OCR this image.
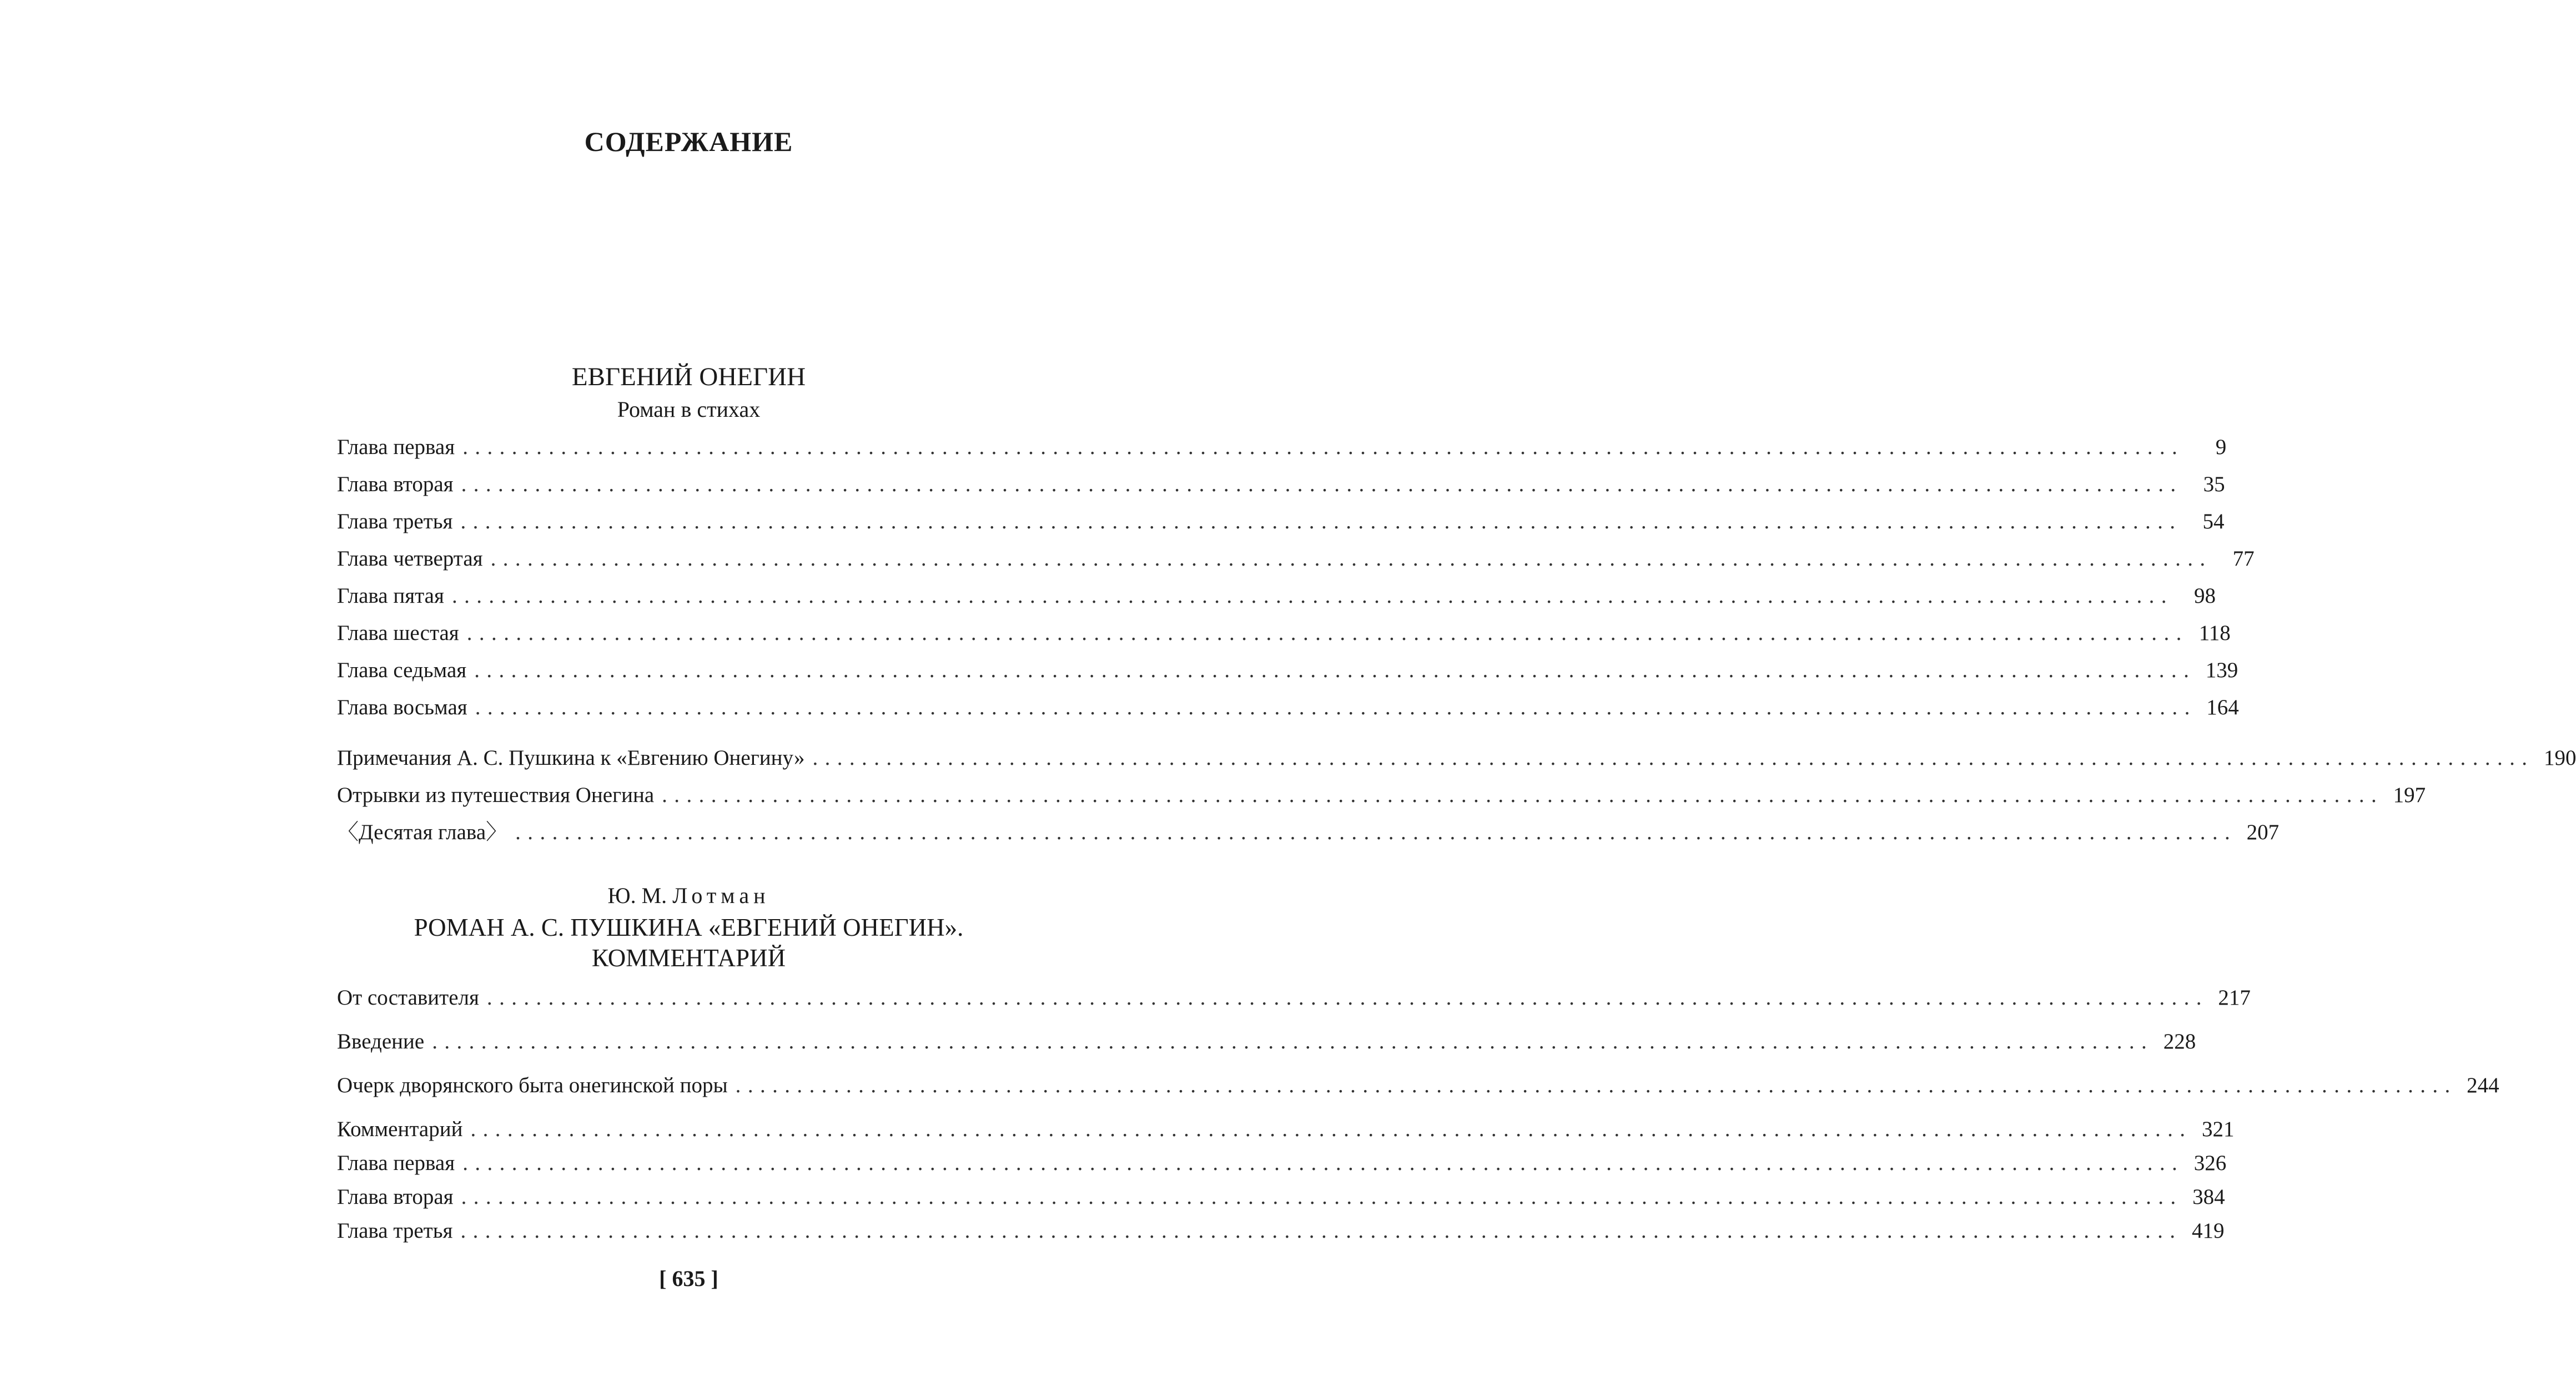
СОДЕРЖАНИЕ
ЕВГЕНИЙ ОНЕГИН
Роман в стихах
Глава первая ............................................................................................................................................	9
Глава вторая ............................................................................................................................................ 35
Глава третья ............................................................................................................................................ 54
Глава четвертая ............................................................................................................................................ 77
Глава пятая ............................................................................................................................................ 98
Глава шестая ............................................................................................................................................ 118
Глава седьмая ............................................................................................................................................ 139
Глава восьмая ............................................................................................................................................ 164
Примечания А. С. Пушкина к «Евгению Онегину» ............................................................................................................................................ 190
Отрывки из путешествия Онегина ............................................................................................................................................ 197
〈Десятая глава〉 ............................................................................................................................................ 207
Ю. М. Лотман
РОМАН А. С. ПУШКИНА «ЕВГЕНИЙ ОНЕГИН».
КОММЕНТАРИЙ
От составителя ............................................................................................................................................ 217
Введение ............................................................................................................................................ 228
Очерк дворянского быта онегинской поры ............................................................................................................................................ 244
Комментарий ............................................................................................................................................ 321
Глава первая ............................................................................................................................................ 326
Глава вторая ............................................................................................................................................ 384
Глава третья ............................................................................................................................................ 419
[ 635 ]
